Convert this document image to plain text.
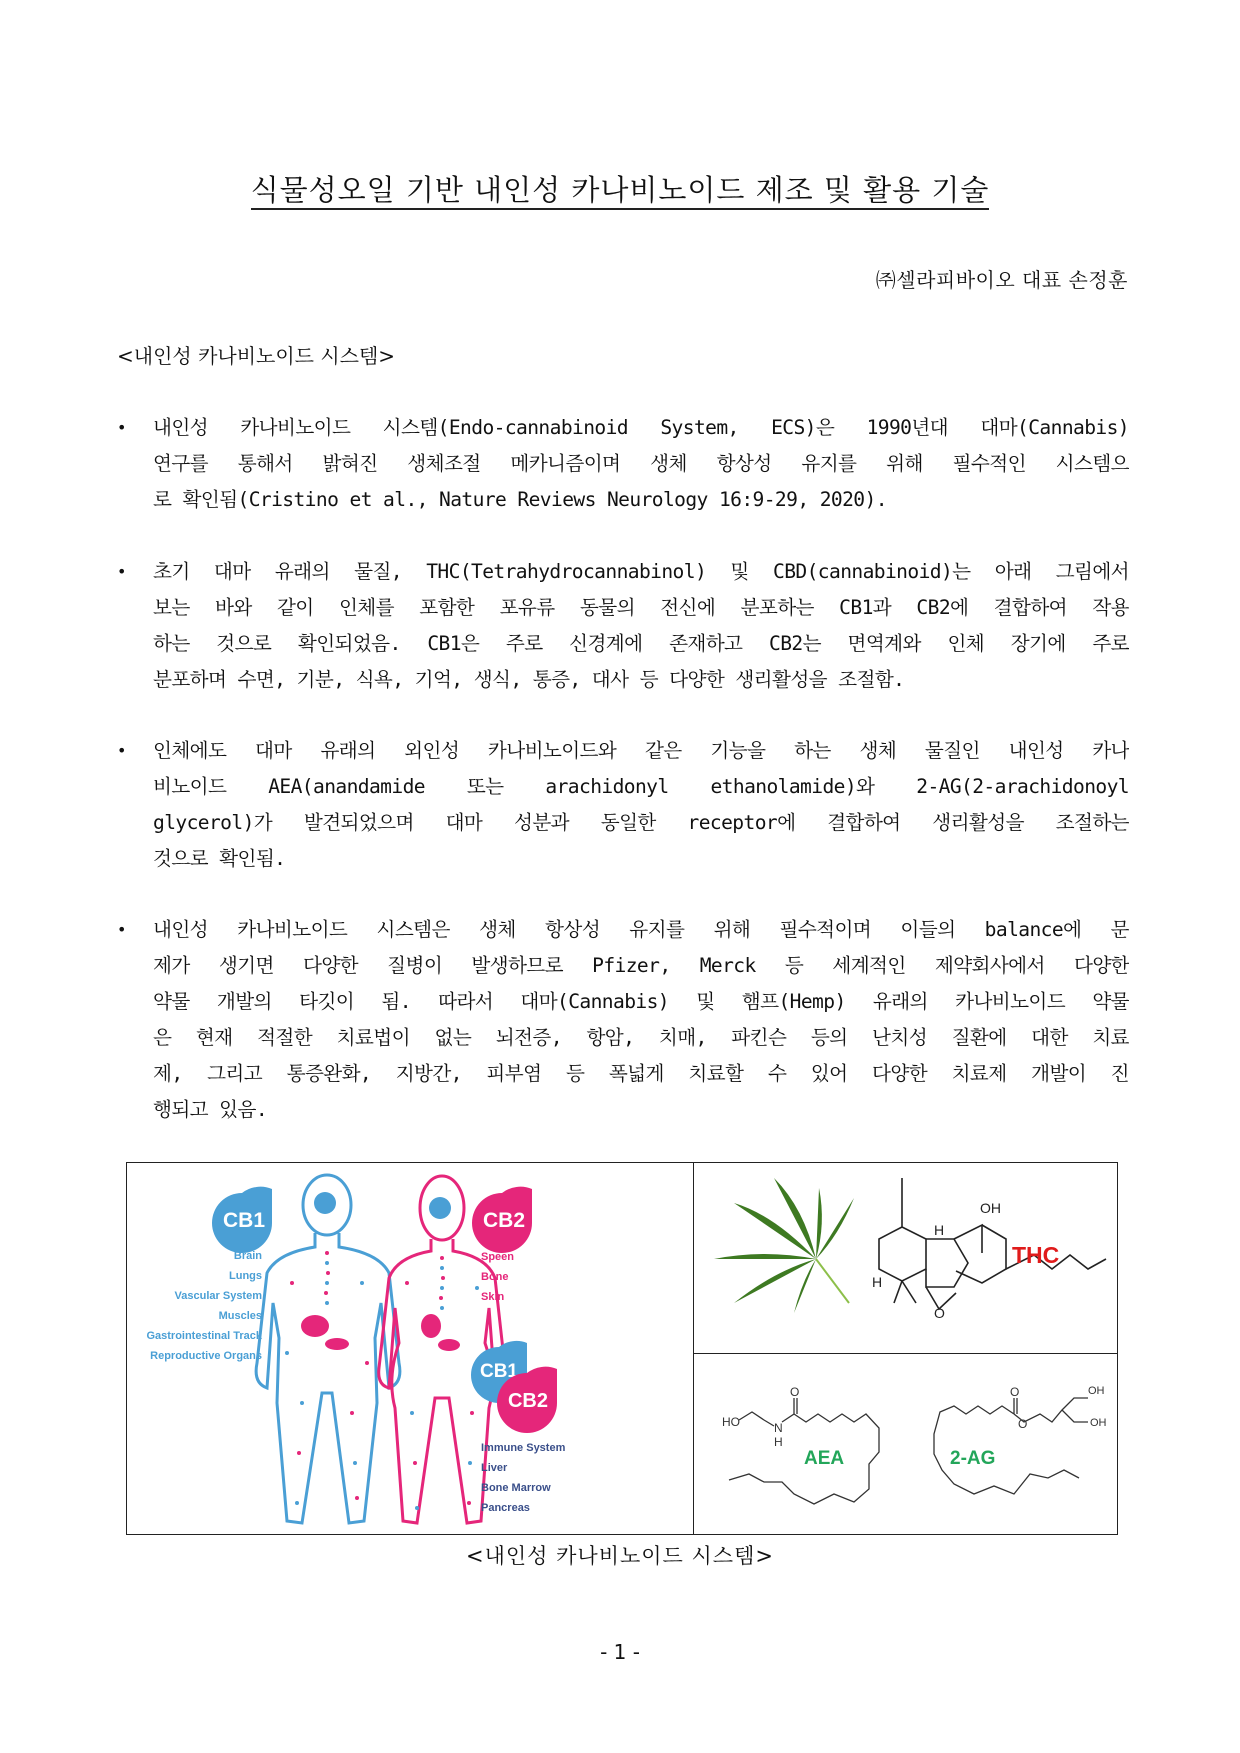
식물성오일 기반 내인성 카나비노이드 제조 및 활용 기술
㈜셀라피바이오 대표 손정훈
<내인성 카나비노이드 시스템>
• 내인성 카나비노이드 시스템(Endo-cannabinoid System, ECS)은 1990년대 대마(Cannabis)
연구를 통해서 밝혀진 생체조절 메카니즘이며 생체 항상성 유지를 위해 필수적인 시스템으
로 확인됨(Cristino et al., Nature Reviews Neurology 16:9-29, 2020).
• 초기 대마 유래의 물질, THC(Tetrahydrocannabinol) 및 CBD(cannabinoid)는 아래 그림에서
보는 바와 같이 인체를 포함한 포유류 동물의 전신에 분포하는 CB1과 CB2에 결합하여 작용
하는 것으로 확인되었음. CB1은 주로 신경계에 존재하고 CB2는 면역계와 인체 장기에 주로
분포하며 수면, 기분, 식욕, 기억, 생식, 통증, 대사 등 다양한 생리활성을 조절함.
• 인체에도 대마 유래의 외인성 카나비노이드와 같은 기능을 하는 생체 물질인 내인성 카나
비노이드 AEA(anandamide 또는 arachidonyl ethanolamide)와 2-AG(2-arachidonoyl
glycerol)가 발견되었으며 대마 성분과 동일한 receptor에 결합하여 생리활성을 조절하는
것으로 확인됨.
• 내인성 카나비노이드 시스템은 생체 항상성 유지를 위해 필수적이며 이들의 balance에 문
제가 생기면 다양한 질병이 발생하므로 Pfizer, Merck 등 세계적인 제약회사에서 다양한
약물 개발의 타깃이 됨. 따라서 대마(Cannabis) 및 햄프(Hemp) 유래의 카나비노이드 약물
은 현재 적절한 치료법이 없는 뇌전증, 항암, 치매, 파킨슨 등의 난치성 질환에 대한 치료
제, 그리고 통증완화, 지방간, 피부염 등 폭넓게 치료할 수 있어 다양한 치료제 개발이 진
행되고 있음.
CB1
Brain
Lungs
Vascular System
Muscles
Gastrointestinal Track
Reproductive Organs
CB2
Speen
Bone
Skin
CB1
CB2
Immune System
Liver
Bone Marrow
Pancreas
OH
H
H
O
THC
HO	N
H
O
AEA
O
O
OH
OH
2-AG
<내인성 카나비노이드 시스템>
- 1 -
